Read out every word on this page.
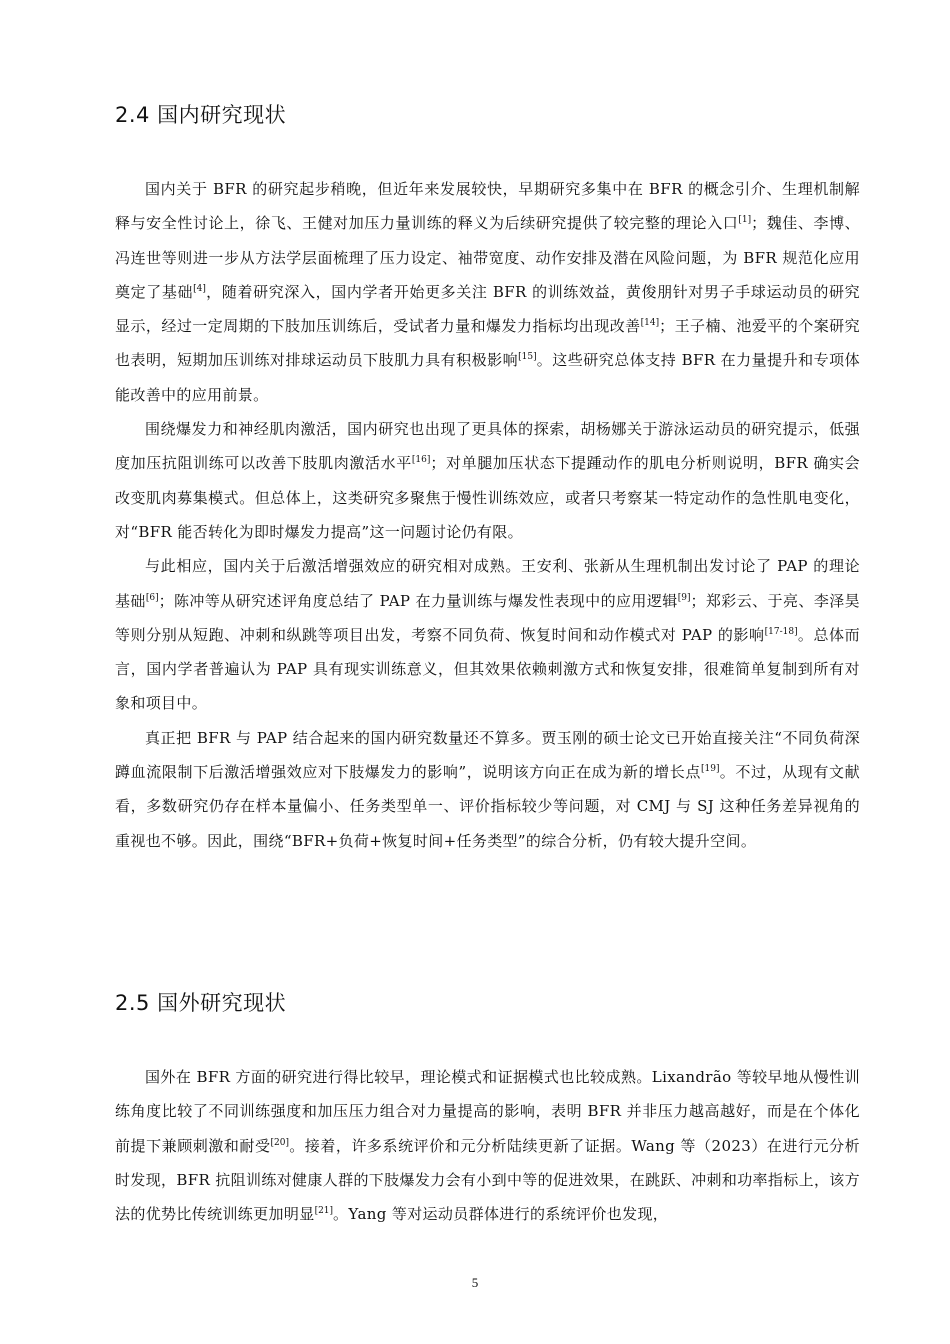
2.4 国内研究现状

国内关于 BFR 的研究起步稍晚，但近年来发展较快，早期研究多集中在 BFR 的概念引介、生理机制解释与安全性讨论上，徐飞、王健对加压力量训练的释义为后续研究提供了较完整的理论入口[1]；魏佳、李博、冯连世等则进一步从方法学层面梳理了压力设定、袖带宽度、动作安排及潜在风险问题，为 BFR 规范化应用奠定了基础[4]，随着研究深入，国内学者开始更多关注 BFR 的训练效益，黄俊朋针对男子手球运动员的研究显示，经过一定周期的下肢加压训练后，受试者力量和爆发力指标均出现改善[14]；王子楠、池爱平的个案研究也表明，短期加压训练对排球运动员下肢肌力具有积极影响[15]。这些研究总体支持 BFR 在力量提升和专项体能改善中的应用前景。

围绕爆发力和神经肌肉激活，国内研究也出现了更具体的探索，胡杨娜关于游泳运动员的研究提示，低强度加压抗阻训练可以改善下肢肌肉激活水平[16]；对单腿加压状态下提踵动作的肌电分析则说明，BFR 确实会改变肌肉募集模式。但总体上，这类研究多聚焦于慢性训练效应，或者只考察某一特定动作的急性肌电变化，对“BFR 能否转化为即时爆发力提高”这一问题讨论仍有限。

与此相应，国内关于后激活增强效应的研究相对成熟。王安利、张新从生理机制出发讨论了 PAP 的理论基础[6]；陈冲等从研究述评角度总结了 PAP 在力量训练与爆发性表现中的应用逻辑[9]；郑彩云、于亮、李泽昊等则分别从短跑、冲刺和纵跳等项目出发，考察不同负荷、恢复时间和动作模式对 PAP 的影响[17-18]。总体而言，国内学者普遍认为 PAP 具有现实训练意义，但其效果依赖刺激方式和恢复安排，很难简单复制到所有对象和项目中。

真正把 BFR 与 PAP 结合起来的国内研究数量还不算多。贾玉刚的硕士论文已开始直接关注“不同负荷深蹲血流限制下后激活增强效应对下肢爆发力的影响”，说明该方向正在成为新的增长点[19]。不过，从现有文献看，多数研究仍存在样本量偏小、任务类型单一、评价指标较少等问题，对 CMJ 与 SJ 这种任务差异视角的重视也不够。因此，围绕“BFR+负荷+恢复时间+任务类型”的综合分析，仍有较大提升空间。

2.5 国外研究现状

国外在 BFR 方面的研究进行得比较早，理论模式和证据模式也比较成熟。Lixandrão 等较早地从慢性训练角度比较了不同训练强度和加压压力组合对力量提高的影响，表明 BFR 并非压力越高越好，而是在个体化前提下兼顾刺激和耐受[20]。接着，许多系统评价和元分析陆续更新了证据。Wang 等（2023）在进行元分析时发现，BFR 抗阻训练对健康人群的下肢爆发力会有小到中等的促进效果，在跳跃、冲刺和功率指标上，该方法的优势比传统训练更加明显[21]。Yang 等对运动员群体进行的系统评价也发现，

5
